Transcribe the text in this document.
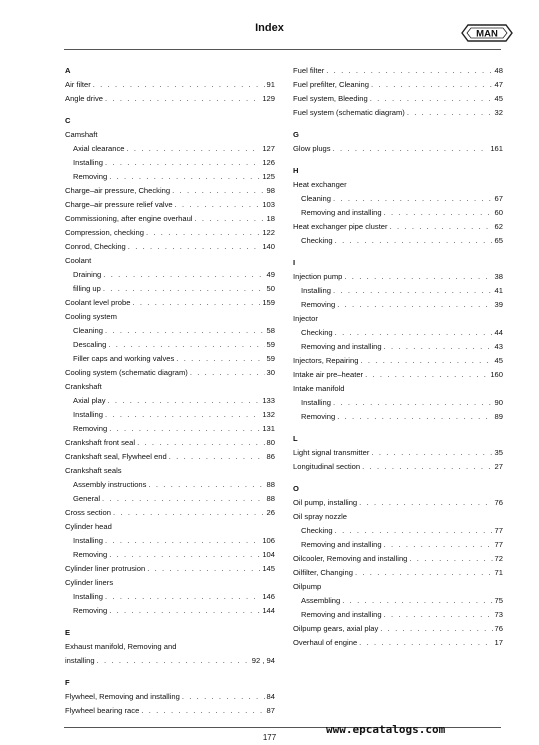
Index	MAN
A
Air filter . . .	91
Angle drive . . .	129
C
Camshaft
Axial clearance . . .	127
Installing . . .	126
Removing . . .	125
Charge–air pressure, Checking . . .	98
Charge–air pressure relief valve . . .	103
Commissioning, after engine overhaul . . .	18
Compression, checking . . .	122
Conrod, Checking . . .	140
Coolant
Draining . . .	49
filling up . . .	50
Coolant level probe . . .	159
Cooling system
Cleaning . . .	58
Descaling . . .	59
Filler caps and working valves . . .	59
Cooling system (schematic diagram) . . .	30
Crankshaft
Axial play . . .	133
Installing . . .	132
Removing . . .	131
Crankshaft front seal . . .	80
Crankshaft seal, Flywheel end . . .	86
Crankshaft seals
Assembly instructions . . .	88
General . . .	88
Cross section . . .	26
Cylinder head
Installing . . .	106
Removing . . .	104
Cylinder liner protrusion . . .	145
Cylinder liners
Installing . . .	146
Removing . . .	144
E
Exhaust manifold, Removing and
installing . . .	92 , 94
F
Flywheel, Removing and installing . . .	84
Flywheel bearing race . . .	87
Fuel filter . . .	48
Fuel prefilter, Cleaning . . .	47
Fuel system, Bleeding . . .	45
Fuel system (schematic diagram) . . .	32
G
Glow plugs . . .	161
H
Heat exchanger
Cleaning . . .	67
Removing and installing . . .	60
Heat exchanger pipe cluster . . .	62
Checking . . .	65
I
Injection pump . . .	38
Installing . . .	41
Removing . . .	39
Injector
Checking . . .	44
Removing and installing . . .	43
Injectors, Repairing . . .	45
Intake air pre–heater . . .	160
Intake manifold
Installing . . .	90
Removing . . .	89
L
Light signal transmitter . . .	35
Longitudinal section . . .	27
O
Oil pump, installing . . .	76
Oil spray nozzle
Checking . . .	77
Removing and installing . . .	77
Oilcooler, Removing and installing . . .	72
Oilfilter, Changing . . .	71
Oilpump
Assembling . . .	75
Removing and installing . . .	73
Oilpump gears, axial play . . .	76
Overhaul of engine . . .	17
www.epcatalogs.com
177
